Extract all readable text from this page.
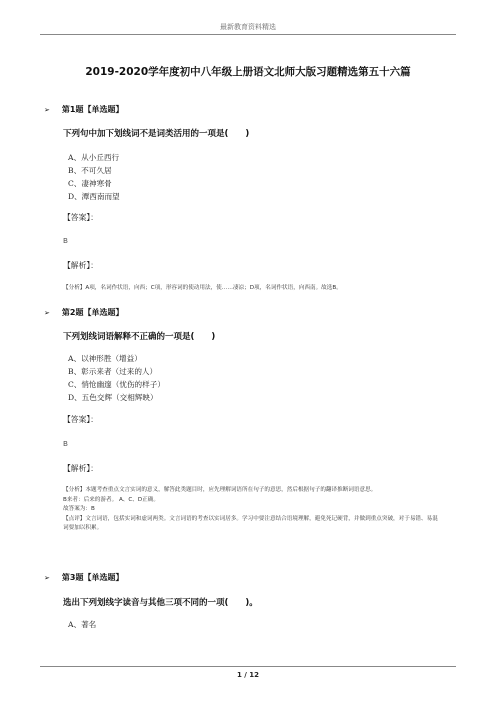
最新教育资料精选
2019-2020学年度初中八年级上册语文北师大版习题精选第五十六篇
➢ 第1题【单选题】
下列句中加下划线词不是词类活用的一项是(　　)
A、从小丘西行
B、不可久居
C、凄神寒骨
D、潭西南而望
【答案】：
B
【解析】：

【分析】A项，名词作状语，向西；C项，形容词的使动用法，使……凄凉；D项，名词作状语，向西南。故选B。

➢ 第2题【单选题】
下列划线词语解释不正确的一项是(　　)
A、以神形胜（增益）
B、彰示来者（过来的人）
C、悄怆幽邃（忧伤的样子）
D、五色交辉（交相辉映）
【答案】：
B
【解析】：

【分析】本题考查重点文言实词的意义，解答此类题目时，应先理解词语所在句子的意思，然后根据句子的翻译推断词语意思。

B来者：后来的游者。 A、C、D正确。

故答案为：B

【点评】文言词语，包括实词和虚词两类。文言词语的考查以实词居多。学习中要注意结合语境理解，避免死记硬背，并做到重点突破，对于易错、易混词要加以积累。

➢ 第3题【单选题】
选出下列划线字读音与其他三项不同的一项(　　)。
A、著名
1 / 12
